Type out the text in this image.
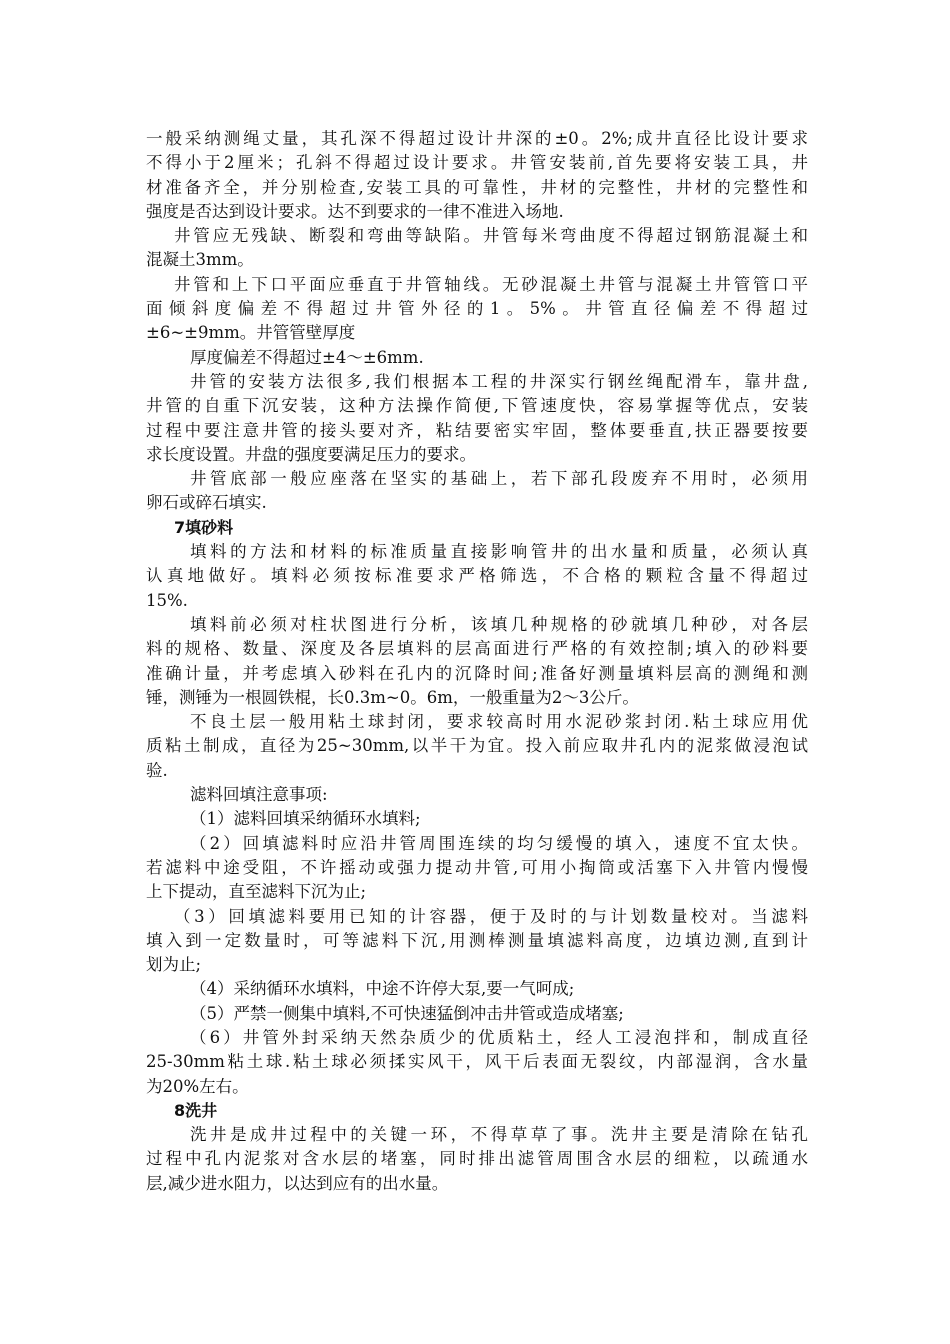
一般采纳测绳丈量，其孔深不得超过设计井深的±0。2%;成井直径比设计要求
不得小于2厘米；孔斜不得超过设计要求。井管安装前,首先要将安装工具，井
材准备齐全，并分别检查,安装工具的可靠性，井材的完整性，井材的完整性和
强度是否达到设计要求。达不到要求的一律不准进入场地.
井管应无残缺、断裂和弯曲等缺陷。井管每米弯曲度不得超过钢筋混凝土和
混凝土3mm。
井管和上下口平面应垂直于井管轴线。无砂混凝土井管与混凝土井管管口平
面倾斜度偏差不得超过井管外径的1。5%。井管直径偏差不得超过
±6~±9mm。井管管壁厚度
厚度偏差不得超过±4～±6mm.
井管的安装方法很多,我们根据本工程的井深实行钢丝绳配滑车，靠井盘,
井管的自重下沉安装，这种方法操作简便,下管速度快，容易掌握等优点，安装
过程中要注意井管的接头要对齐，粘结要密实牢固，整体要垂直,扶正器要按要
求长度设置。井盘的强度要满足压力的要求。
井管底部一般应座落在坚实的基础上，若下部孔段废弃不用时，必须用
卵石或碎石填实.
7填砂料
填料的方法和材料的标准质量直接影响管井的出水量和质量，必须认真
认真地做好。填料必须按标准要求严格筛选，不合格的颗粒含量不得超过
15%.
填料前必须对柱状图进行分析，该填几种规格的砂就填几种砂，对各层
料的规格、数量、深度及各层填料的层高面进行严格的有效控制;填入的砂料要
准确计量，并考虑填入砂料在孔内的沉降时间;准备好测量填料层高的测绳和测
锤，测锤为一根圆铁棍，长0.3m~0。6m，一般重量为2～3公斤。
不良土层一般用粘土球封闭，要求较高时用水泥砂浆封闭.粘土球应用优
质粘土制成，直径为25~30mm,以半干为宜。投入前应取井孔内的泥浆做浸泡试
验.
滤料回填注意事项:
（1）滤料回填采纳循环水填料;
（2）回填滤料时应沿井管周围连续的均匀缓慢的填入，速度不宜太快。
若滤料中途受阻，不许摇动或强力提动井管,可用小掏筒或活塞下入井管内慢慢
上下提动，直至滤料下沉为止;
（3）回填滤料要用已知的计容器，便于及时的与计划数量校对。当滤料
填入到一定数量时，可等滤料下沉,用测棒测量填滤料高度，边填边测,直到计
划为止;
（4）采纳循环水填料，中途不许停大泵,要一气呵成;
（5）严禁一侧集中填料,不可快速猛倒冲击井管或造成堵塞;
（6）井管外封采纳天然杂质少的优质粘土，经人工浸泡拌和，制成直径
25-30mm粘土球.粘土球必须揉实风干，风干后表面无裂纹，内部湿润，含水量
为20%左右。
8洗井
洗井是成井过程中的关键一环，不得草草了事。洗井主要是清除在钻孔
过程中孔内泥浆对含水层的堵塞，同时排出滤管周围含水层的细粒，以疏通水
层,减少进水阻力，以达到应有的出水量。
